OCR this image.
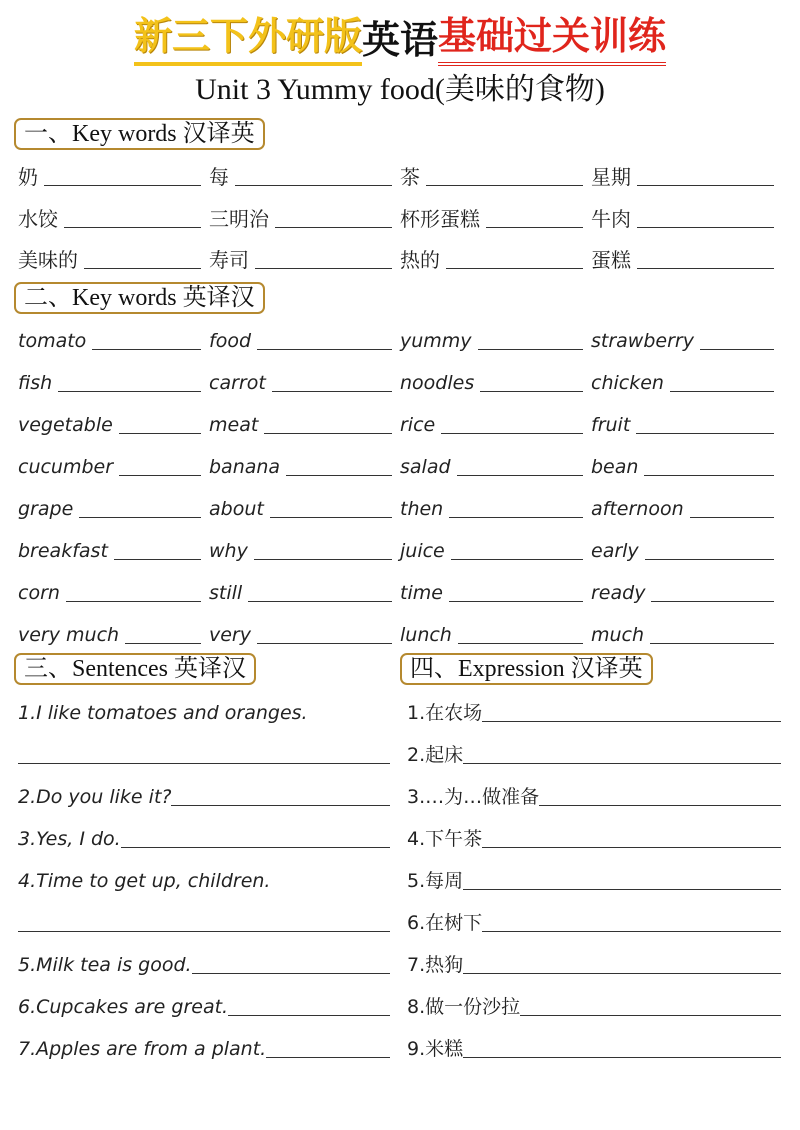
新三下外研版 英语 基础过关训练
Unit 3 Yummy food(美味的食物)
一、Key words 汉译英
奶	每	茶	星期
水饺	三明治	杯形蛋糕	牛肉
美味的	寿司	热的	蛋糕
二、Key words 英译汉
tomato	food	yummy	strawberry
fish	carrot	noodles	chicken
vegetable	meat	rice	fruit
cucumber	banana	salad	bean
grape	about	then	afternoon
breakfast	why	juice	early
corn	still	time	ready
very much	very	lunch	much
三、Sentences 英译汉
1.I like tomatoes and oranges.
2.Do you like it?
3.Yes, I do.
4.Time to get up, children.
5.Milk tea is good.
6.Cupcakes are great.
7.Apples are from a plant.
四、Expression 汉译英
1.在农场
2.起床
3.…为…做准备
4.下午茶
5.每周
6.在树下
7.热狗
8.做一份沙拉
9.米糕
